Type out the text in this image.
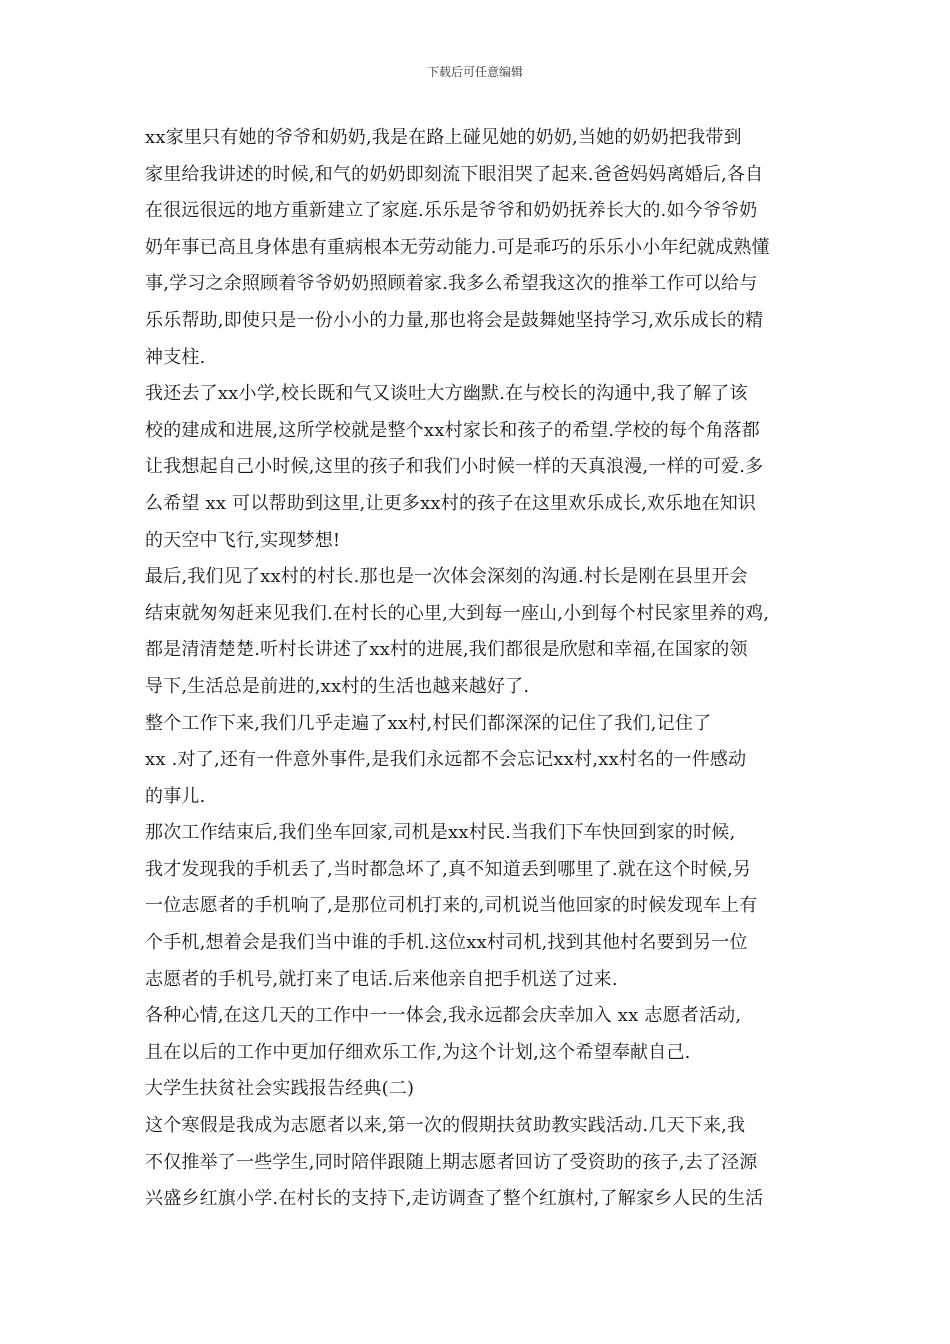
下载后可任意编辑
xx家里只有她的爷爷和奶奶,我是在路上碰见她的奶奶,当她的奶奶把我带到
家里给我讲述的时候,和气的奶奶即刻流下眼泪哭了起来.爸爸妈妈离婚后,各自
在很远很远的地方重新建立了家庭.乐乐是爷爷和奶奶抚养长大的.如今爷爷奶
奶年事已高且身体患有重病根本无劳动能力.可是乖巧的乐乐小小年纪就成熟懂
事,学习之余照顾着爷爷奶奶照顾着家.我多么希望我这次的推举工作可以给与
乐乐帮助,即使只是一份小小的力量,那也将会是鼓舞她坚持学习,欢乐成长的精
神支柱.
我还去了xx小学,校长既和气又谈吐大方幽默.在与校长的沟通中,我了解了该
校的建成和进展,这所学校就是整个xx村家长和孩子的希望.学校的每个角落都
让我想起自己小时候,这里的孩子和我们小时候一样的天真浪漫,一样的可爱.多
么希望 xx 可以帮助到这里,让更多xx村的孩子在这里欢乐成长,欢乐地在知识
的天空中飞行,实现梦想!
最后,我们见了xx村的村长.那也是一次体会深刻的沟通.村长是刚在县里开会
结束就匆匆赶来见我们.在村长的心里,大到每一座山,小到每个村民家里养的鸡,
都是清清楚楚.听村长讲述了xx村的进展,我们都很是欣慰和幸福,在国家的领
导下,生活总是前进的,xx村的生活也越来越好了.
整个工作下来,我们几乎走遍了xx村,村民们都深深的记住了我们,记住了
xx .对了,还有一件意外事件,是我们永远都不会忘记xx村,xx村名的一件感动
的事儿.
那次工作结束后,我们坐车回家,司机是xx村民.当我们下车快回到家的时候,
我才发现我的手机丢了,当时都急坏了,真不知道丢到哪里了.就在这个时候,另
一位志愿者的手机响了,是那位司机打来的,司机说当他回家的时候发现车上有
个手机,想着会是我们当中谁的手机.这位xx村司机,找到其他村名要到另一位
志愿者的手机号,就打来了电话.后来他亲自把手机送了过来.
各种心情,在这几天的工作中一一体会,我永远都会庆幸加入 xx 志愿者活动,
且在以后的工作中更加仔细欢乐工作,为这个计划,这个希望奉献自己.
大学生扶贫社会实践报告经典(二)
这个寒假是我成为志愿者以来,第一次的假期扶贫助教实践活动.几天下来,我
不仅推举了一些学生,同时陪伴跟随上期志愿者回访了受资助的孩子,去了泾源
兴盛乡红旗小学.在村长的支持下,走访调查了整个红旗村,了解家乡人民的生活
